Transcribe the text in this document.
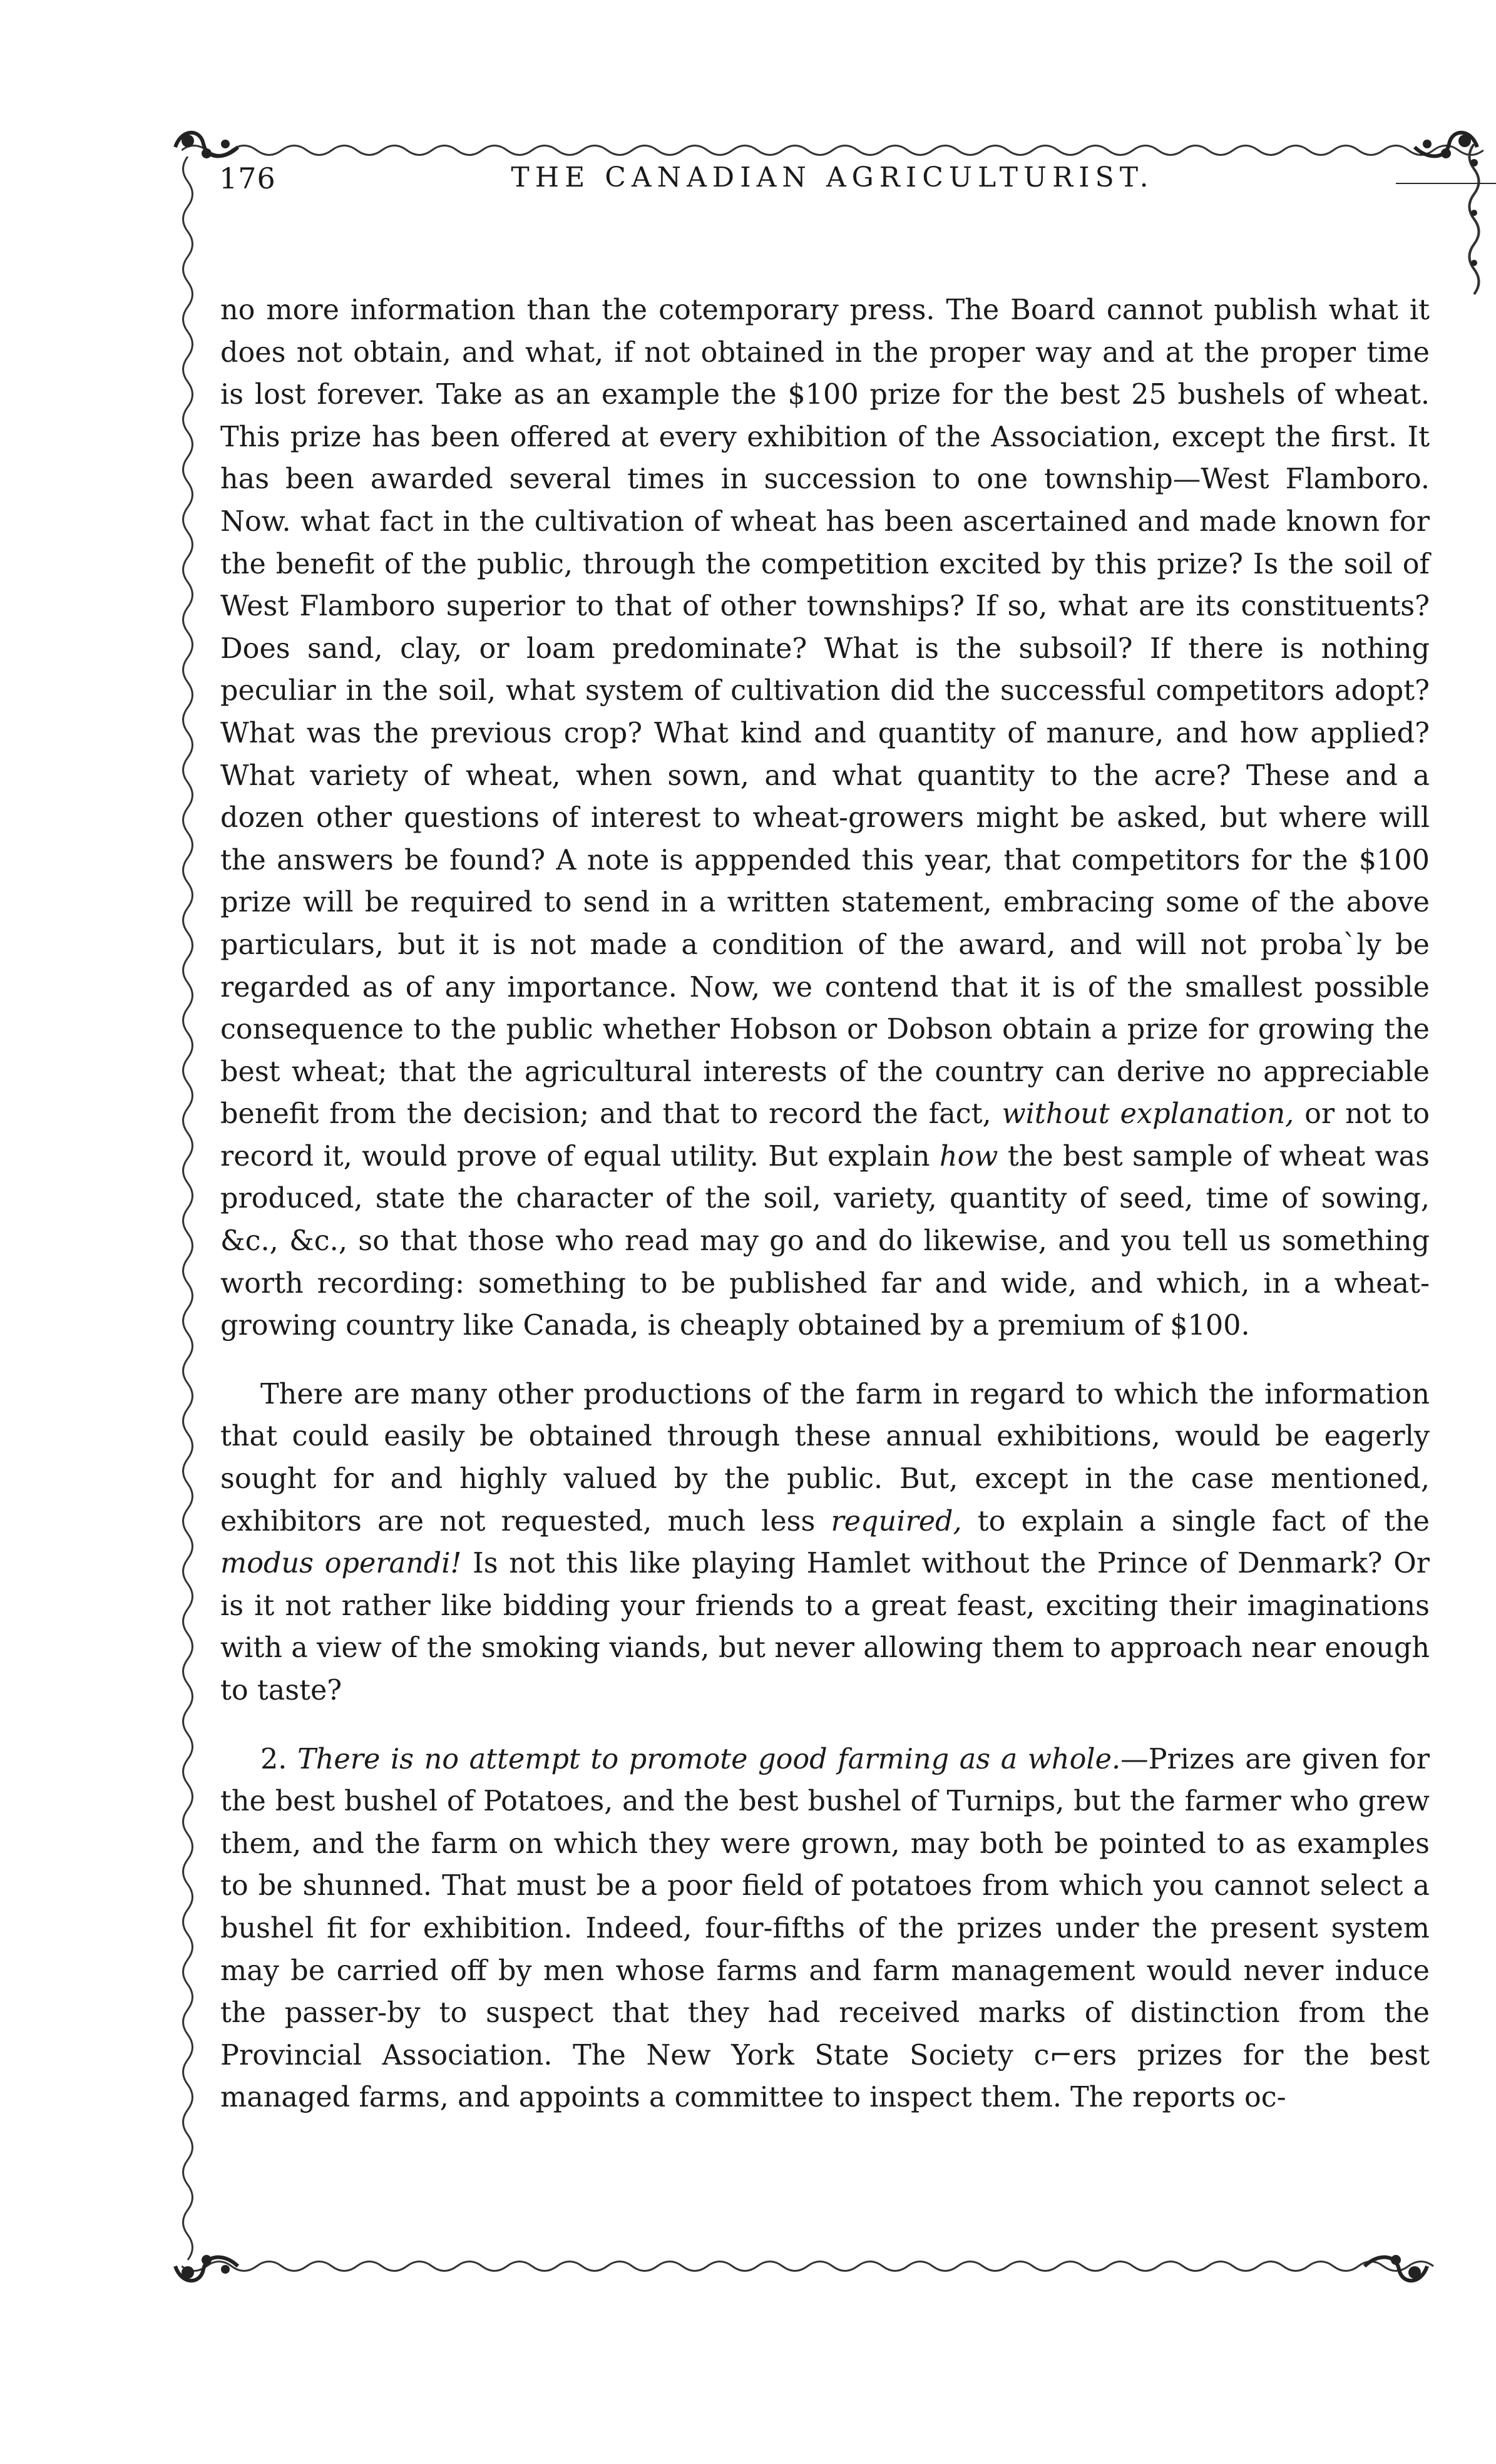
176	THE CANADIAN AGRICULTURIST.

no more information than the cotemporary press. The Board cannot publish what it does not obtain, and what, if not obtained in the proper way and at the proper time is lost forever. Take as an example the $100 prize for the best 25 bushels of wheat. This prize has been offered at every exhibition of the Association, except the first. It has been awarded several times in succession to one township—West Flamboro. Now. what fact in the cultivation of wheat has been ascertained and made known for the benefit of the public, through the competition excited by this prize? Is the soil of West Flamboro superior to that of other townships? If so, what are its constituents? Does sand, clay, or loam predominate? What is the subsoil? If there is nothing peculiar in the soil, what system of cultivation did the successful competitors adopt? What was the previous crop? What kind and quantity of manure, and how applied? What variety of wheat, when sown, and what quantity to the acre? These and a dozen other questions of interest to wheat-growers might be asked, but where will the answers be found? A note is apppended this year, that competitors for the $100 prize will be required to send in a written statement, embracing some of the above particulars, but it is not made a condition of the award, and will not proba`ly be regarded as of any importance. Now, we contend that it is of the smallest possible consequence to the public whether Hobson or Dobson obtain a prize for growing the best wheat; that the agricultural interests of the country can derive no appreciable benefit from the decision; and that to record the fact, without explanation, or not to record it, would prove of equal utility. But explain how the best sample of wheat was produced, state the character of the soil, variety, quantity of seed, time of sowing, &c., &c., so that those who read may go and do likewise, and you tell us something worth recording: something to be published far and wide, and which, in a wheat-growing country like Canada, is cheaply obtained by a premium of $100.

There are many other productions of the farm in regard to which the information that could easily be obtained through these annual exhibitions, would be eagerly sought for and highly valued by the public. But, except in the case mentioned, exhibitors are not requested, much less required, to explain a single fact of the modus operandi! Is not this like playing Hamlet without the Prince of Denmark? Or is it not rather like bidding your friends to a great feast, exciting their imaginations with a view of the smoking viands, but never allowing them to approach near enough to taste?

2. There is no attempt to promote good farming as a whole.—Prizes are given for the best bushel of Potatoes, and the best bushel of Turnips, but the farmer who grew them, and the farm on which they were grown, may both be pointed to as examples to be shunned. That must be a poor field of potatoes from which you cannot select a bushel fit for exhibition. Indeed, four-fifths of the prizes under the present system may be carried off by men whose farms and farm management would never induce the passer-by to suspect that they had received marks of distinction from the Provincial Association. The New York State Society c⌐ers prizes for the best managed farms, and appoints a committee to inspect them. The reports oc-
